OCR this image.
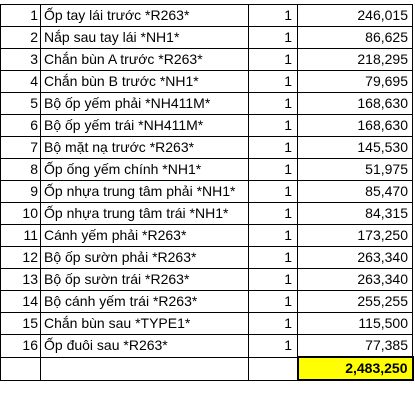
1	Ốp tay lái trước *R263*	1	246,015
2	Nắp sau tay lái *NH1*	1	86,625
3	Chắn bùn A trước *R263*	1	218,295
4	Chắn bùn B trước *NH1*	1	79,695
5	Bộ ốp yếm phải *NH411M*	1	168,630
6	Bộ ốp yếm trái *NH411M*	1	168,630
7	Bộ mặt nạ trước *R263*	1	145,530
8	Ốp ống yếm chính *NH1*	1	51,975
9	Ốp nhựa trung tâm phải *NH1*	1	85,470
10	Ốp nhựa trung tâm trái *NH1*	1	84,315
11	Cánh yếm phải *R263*	1	173,250
12	Bộ ốp sườn phải *R263*	1	263,340
13	Bộ ốp sườn trái *R263*	1	263,340
14	Bộ cánh yếm trái *R263*	1	255,255
15	Chắn bùn sau *TYPE1*	1	115,500
16	Ốp đuôi sau *R263*	1	77,385
			2,483,250
